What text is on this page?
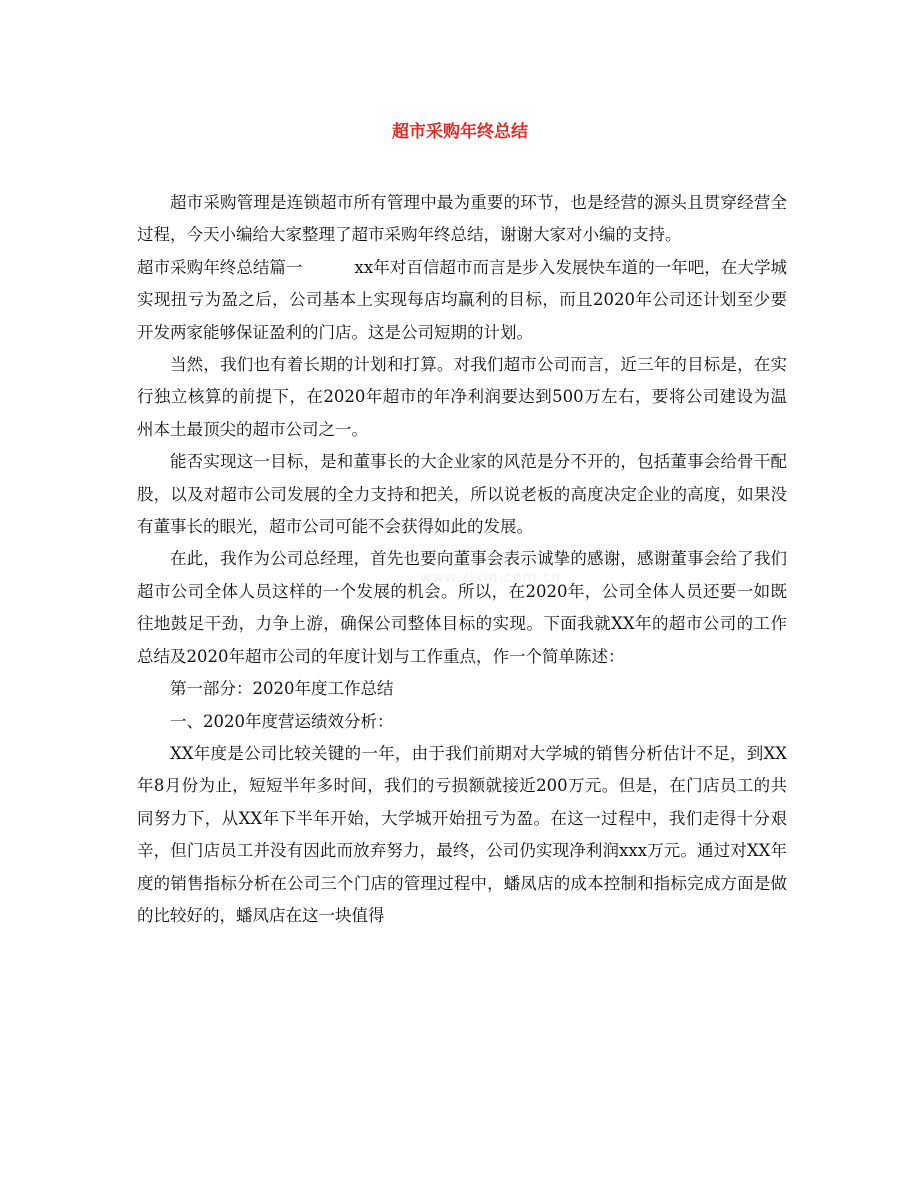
超市采购年终总结
www.zixin.com.cn

超市采购管理是连锁超市所有管理中最为重要的环节，也是经营的源头且贯穿经营全过程，今天小编给大家整理了超市采购年终总结，谢谢大家对小编的支持。

超市采购年终总结篇一	xx年对百信超市而言是步入发展快车道的一年吧，在大学城实现扭亏为盈之后，公司基本上实现每店均赢利的目标，而且2020年公司还计划至少要开发两家能够保证盈利的门店。这是公司短期的计划。

当然，我们也有着长期的计划和打算。对我们超市公司而言，近三年的目标是，在实行独立核算的前提下，在2020年超市的年净利润要达到500万左右，要将公司建设为温州本土最顶尖的超市公司之一。

能否实现这一目标，是和董事长的大企业家的风范是分不开的，包括董事会给骨干配股，以及对超市公司发展的全力支持和把关，所以说老板的高度决定企业的高度，如果没有董事长的眼光，超市公司可能不会获得如此的发展。

在此，我作为公司总经理，首先也要向董事会表示诚挚的感谢，感谢董事会给了我们超市公司全体人员这样的一个发展的机会。所以，在2020年，公司全体人员还要一如既往地鼓足干劲，力争上游，确保公司整体目标的实现。下面我就XX年的超市公司的工作总结及2020年超市公司的年度计划与工作重点，作一个简单陈述：

第一部分：2020年度工作总结

一、2020年度营运绩效分析：

XX年度是公司比较关键的一年，由于我们前期对大学城的销售分析估计不足，到XX年8月份为止，短短半年多时间，我们的亏损额就接近200万元。但是，在门店员工的共同努力下，从XX年下半年开始，大学城开始扭亏为盈。在这一过程中，我们走得十分艰辛，但门店员工并没有因此而放弃努力，最终，公司仍实现净利润xxx万元。通过对XX年度的销售指标分析在公司三个门店的管理过程中，蟠凤店的成本控制和指标完成方面是做的比较好的，蟠凤店在这一块值得
